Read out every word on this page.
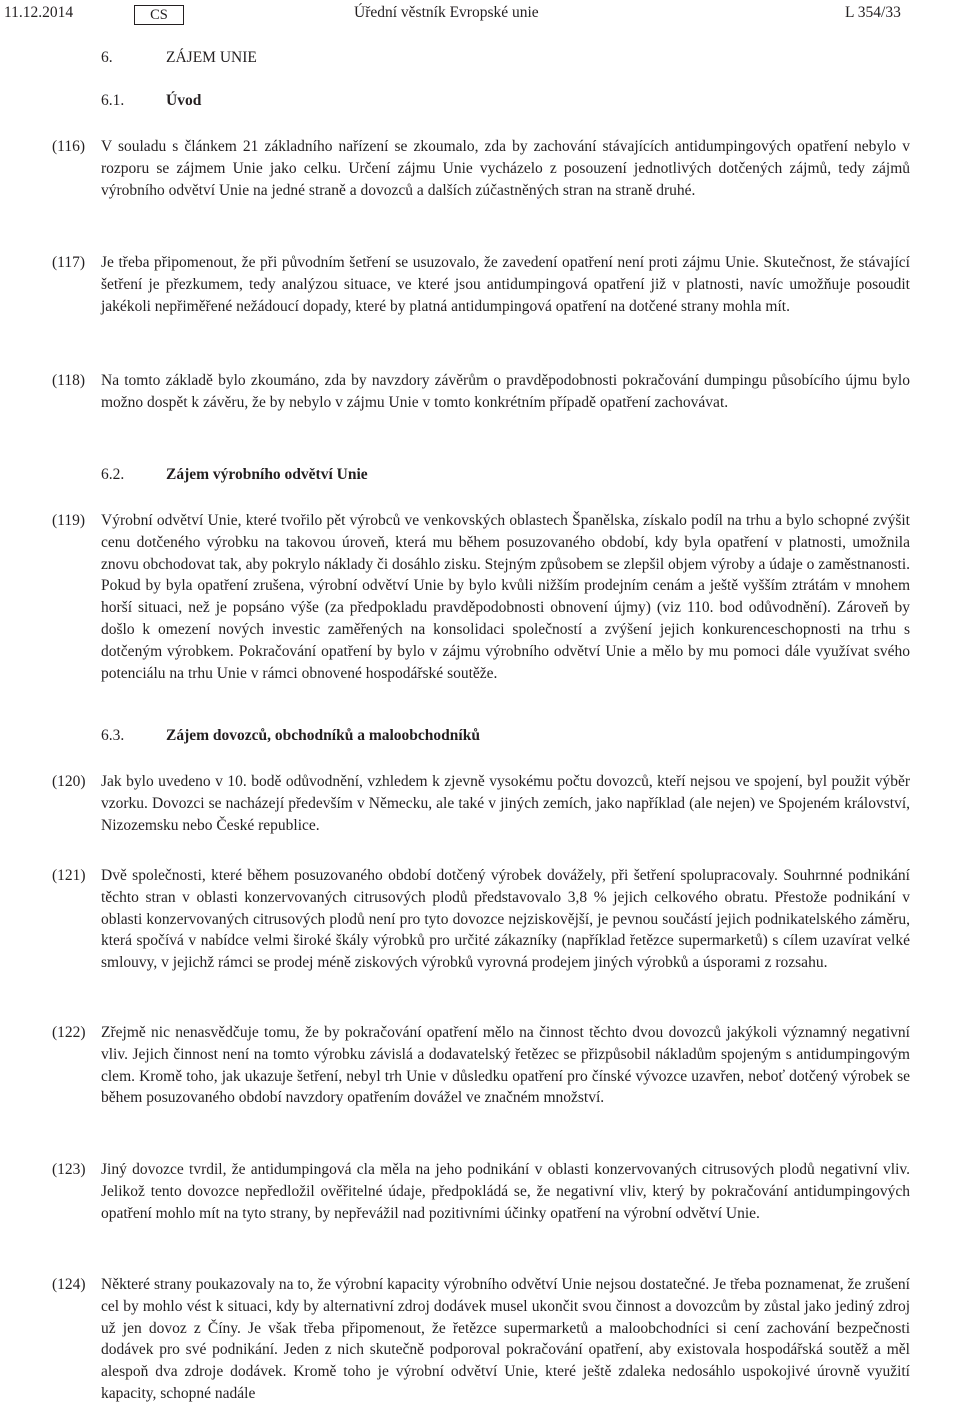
11.12.2014	CS	Úřední věstník Evropské unie	L 354/33
6.	ZÁJEM UNIE
6.1.	Úvod
(116) V souladu s článkem 21 základního nařízení se zkoumalo, zda by zachování stávajících antidumpingových opatření nebylo v rozporu se zájmem Unie jako celku. Určení zájmu Unie vycházelo z posouzení jednotlivých dotčených zájmů, tedy zájmů výrobního odvětví Unie na jedné straně a dovozců a dalších zúčastněných stran na straně druhé.
(117) Je třeba připomenout, že při původním šetření se usuzovalo, že zavedení opatření není proti zájmu Unie. Skutečnost, že stávající šetření je přezkumem, tedy analýzou situace, ve které jsou antidumpingová opatření již v platnosti, navíc umožňuje posoudit jakékoli nepřiměřené nežádoucí dopady, které by platná antidumpingová opatření na dotčené strany mohla mít.
(118) Na tomto základě bylo zkoumáno, zda by navzdory závěrům o pravděpodobnosti pokračování dumpingu působícího újmu bylo možno dospět k závěru, že by nebylo v zájmu Unie v tomto konkrétním případě opatření zachovávat.
6.2.	Zájem výrobního odvětví Unie
(119) Výrobní odvětví Unie, které tvořilo pět výrobců ve venkovských oblastech Španělska, získalo podíl na trhu a bylo schopné zvýšit cenu dotčeného výrobku na takovou úroveň, která mu během posuzovaného období, kdy byla opatření v platnosti, umožnila znovu obchodovat tak, aby pokrylo náklady či dosáhlo zisku. Stejným způsobem se zlepšil objem výroby a údaje o zaměstnanosti. Pokud by byla opatření zrušena, výrobní odvětví Unie by bylo kvůli nižším prodejním cenám a ještě vyšším ztrátám v mnohem horší situaci, než je popsáno výše (za předpokladu pravděpodobnosti obnovení újmy) (viz 110. bod odůvodnění). Zároveň by došlo k omezení nových investic zaměřených na konsolidaci společností a zvýšení jejich konkurenceschopnosti na trhu s dotčeným výrobkem. Pokračování opatření by bylo v zájmu výrobního odvětví Unie a mělo by mu pomoci dále využívat svého potenciálu na trhu Unie v rámci obnovené hospodářské soutěže.
6.3.	Zájem dovozců, obchodníků a maloobchodníků
(120) Jak bylo uvedeno v 10. bodě odůvodnění, vzhledem k zjevně vysokému počtu dovozců, kteří nejsou ve spojení, byl použit výběr vzorku. Dovozci se nacházejí především v Německu, ale také v jiných zemích, jako například (ale nejen) ve Spojeném království, Nizozemsku nebo České republice.
(121) Dvě společnosti, které během posuzovaného období dotčený výrobek dovážely, při šetření spolupracovaly. Souhrnné podnikání těchto stran v oblasti konzervovaných citrusových plodů představovalo 3,8 % jejich celkového obratu. Přestože podnikání v oblasti konzervovaných citrusových plodů není pro tyto dovozce nejziskovější, je pevnou součástí jejich podnikatelského záměru, která spočívá v nabídce velmi široké škály výrobků pro určité zákazníky (například řetězce supermarketů) s cílem uzavírat velké smlouvy, v jejichž rámci se prodej méně ziskových výrobků vyrovná prodejem jiných výrobků a úsporami z rozsahu.
(122) Zřejmě nic nenasvědčuje tomu, že by pokračování opatření mělo na činnost těchto dvou dovozců jakýkoli významný negativní vliv. Jejich činnost není na tomto výrobku závislá a dodavatelský řetězec se přizpůsobil nákladům spojeným s antidumpingovým clem. Kromě toho, jak ukazuje šetření, nebyl trh Unie v důsledku opatření pro čínské vývozce uzavřen, neboť dotčený výrobek se během posuzovaného období navzdory opatřením dovážel ve značném množství.
(123) Jiný dovozce tvrdil, že antidumpingová cla měla na jeho podnikání v oblasti konzervovaných citrusových plodů negativní vliv. Jelikož tento dovozce nepředložil ověřitelné údaje, předpokládá se, že negativní vliv, který by pokračování antidumpingových opatření mohlo mít na tyto strany, by nepřevážil nad pozitivními účinky opatření na výrobní odvětví Unie.
(124) Některé strany poukazovaly na to, že výrobní kapacity výrobního odvětví Unie nejsou dostatečné. Je třeba poznamenat, že zrušení cel by mohlo vést k situaci, kdy by alternativní zdroj dodávek musel ukončit svou činnost a dovozcům by zůstal jako jediný zdroj už jen dovoz z Číny. Je však třeba připomenout, že řetězce supermarketů a maloobchodníci si cení zachování bezpečnosti dodávek pro své podnikání. Jeden z nich skutečně podporoval pokračování opatření, aby existovala hospodářská soutěž a měl alespoň dva zdroje dodávek. Kromě toho je výrobní odvětví Unie, které ještě zdaleka nedosáhlo uspokojivé úrovně využití kapacity, schopné nadále
